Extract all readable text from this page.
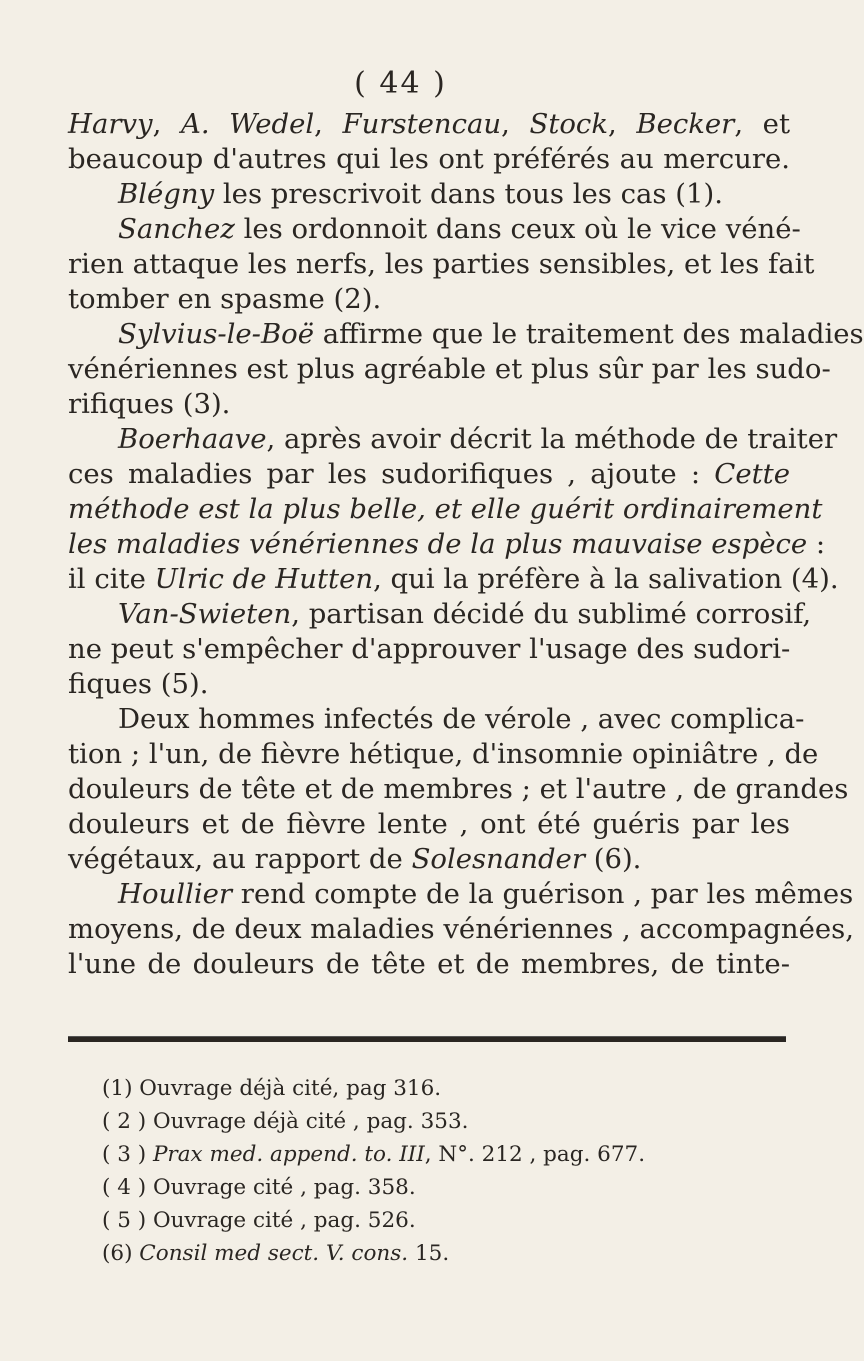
( 44 )
Harvy, A. Wedel, Furstencau, Stock, Becker, et
beaucoup d'autres qui les ont préférés au mercure.
Blégny les prescrivoit dans tous les cas (1).
Sanchez les ordonnoit dans ceux où le vice véné-
rien attaque les nerfs, les parties sensibles, et les fait
tomber en spasme (2).
Sylvius-le-Boë affirme que le traitement des maladies
vénériennes est plus agréable et plus sûr par les sudo-
rifiques (3).
Boerhaave, après avoir décrit la méthode de traiter
ces maladies par les sudorifiques , ajoute : Cette
méthode est la plus belle, et elle guérit ordinairement
les maladies vénériennes de la plus mauvaise espèce :
il cite Ulric de Hutten, qui la préfère à la salivation (4).
Van-Swieten, partisan décidé du sublimé corrosif,
ne peut s'empêcher d'approuver l'usage des sudori-
fiques (5).
Deux hommes infectés de vérole , avec complica-
tion ; l'un, de fièvre hétique, d'insomnie opiniâtre , de
douleurs de tête et de membres ; et l'autre , de grandes
douleurs et de fièvre lente , ont été guéris par les
végétaux, au rapport de Solesnander (6).
Houllier rend compte de la guérison , par les mêmes
moyens, de deux maladies vénériennes , accompagnées,
l'une de douleurs de tête et de membres, de tinte-
(1) Ouvrage déjà cité, pag 316.
( 2 ) Ouvrage déjà cité , pag. 353.
( 3 ) Prax med. append. to. III, N°. 212 , pag. 677.
( 4 ) Ouvrage cité , pag. 358.
( 5 ) Ouvrage cité , pag. 526.
(6) Consil med sect. V. cons. 15.
